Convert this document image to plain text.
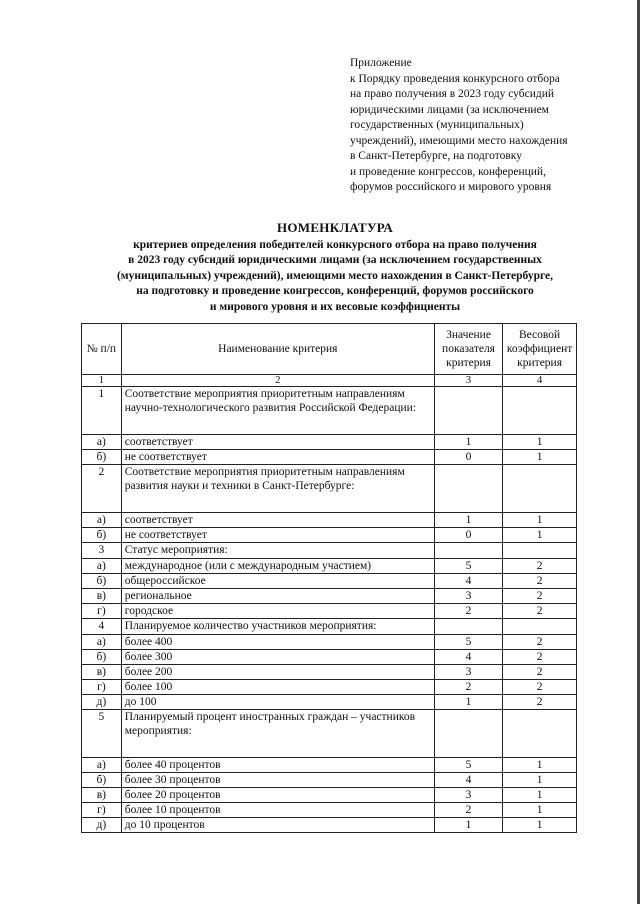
Приложение
к Порядку проведения конкурсного отбора
на право получения в 2023 году субсидий
юридическими лицами (за исключением
государственных (муниципальных)
учреждений), имеющими место нахождения
в Санкт-Петербурге, на подготовку
и проведение конгрессов, конференций,
форумов российского и мирового уровня
НОМЕНКЛАТУРА
критериев определения победителей конкурсного отбора на право получения
в 2023 году субсидий юридическими лицами (за исключением государственных
(муниципальных) учреждений), имеющими место нахождения в Санкт-Петербурге,
на подготовку и проведение конгрессов, конференций, форумов российского
и мирового уровня и их весовые коэффициенты
№ п/п	Наименование критерия	Значение показателя критерия	Весовой коэффициент критерия
1	2	3	4
1	Соответствие мероприятия приоритетным направлениям научно-технологического развития Российской Федерации:		
а)	соответствует	1	1
б)	не соответствует	0	1
2	Соответствие мероприятия приоритетным направлениям развития науки и техники в Санкт-Петербурге:		
а)	соответствует	1	1
б)	не соответствует	0	1
3	Статус мероприятия:		
а)	международное (или с международным участием)	5	2
б)	общероссийское	4	2
в)	региональное	3	2
г)	городское	2	2
4	Планируемое количество участников мероприятия:		
а)	более 400	5	2
б)	более 300	4	2
в)	более 200	3	2
г)	более 100	2	2
д)	до 100	1	2
5	Планируемый процент иностранных граждан – участников мероприятия:		
а)	более 40 процентов	5	1
б)	более 30 процентов	4	1
в)	более 20 процентов	3	1
г)	более 10 процентов	2	1
д)	до 10 процентов	1	1
